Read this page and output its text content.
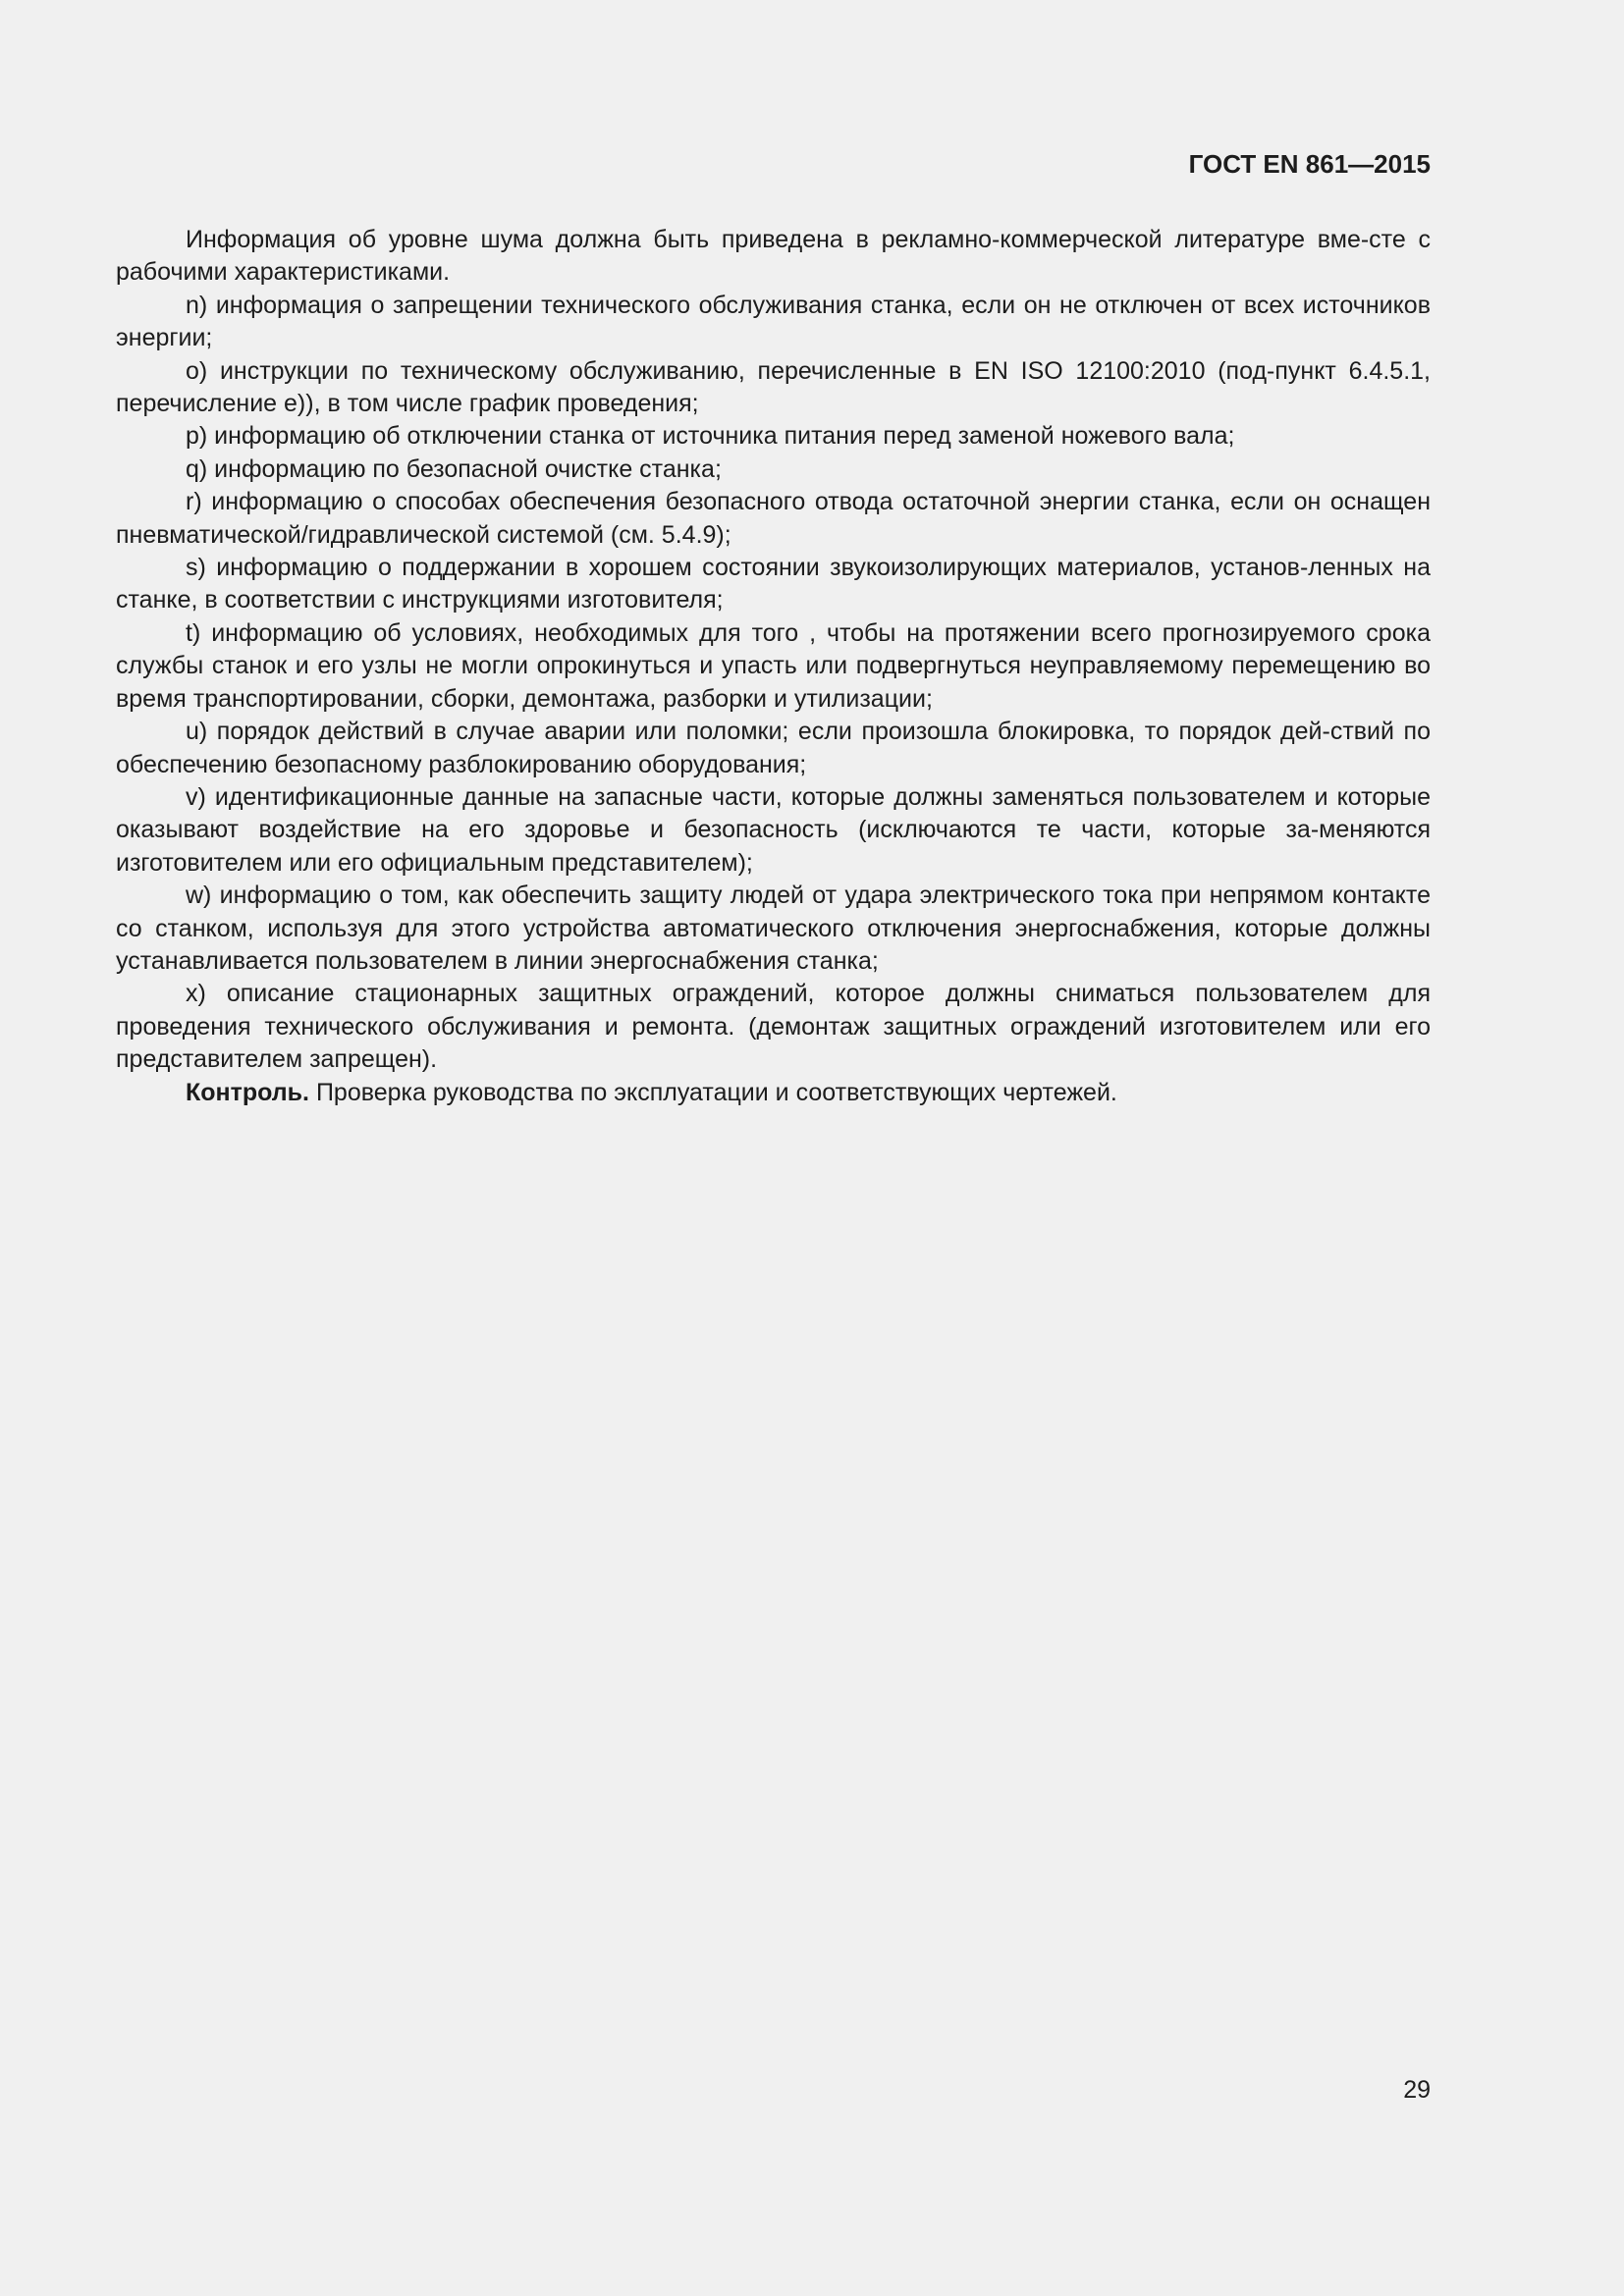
ГОСТ EN 861—2015

Информация об уровне шума должна быть приведена в рекламно-коммерческой литературе вме-сте с рабочими характеристиками.

n) информация о запрещении технического обслуживания станка, если он не отключен от всех источников энергии;

о) инструкции по техническому обслуживанию, перечисленные в EN ISO 12100:2010 (под-пункт 6.4.5.1, перечисление е)), в том числе график проведения;

p) информацию об отключении станка от источника питания перед заменой ножевого вала;

q) информацию по безопасной очистке станка;

r) информацию о способах обеспечения безопасного отвода остаточной энергии станка, если он оснащен пневматической/гидравлической системой (см. 5.4.9);

s) информацию о поддержании в хорошем состоянии звукоизолирующих материалов, установ-ленных на станке, в соответствии с инструкциями изготовителя;

t) информацию об условиях, необходимых для того , чтобы на протяжении всего прогнозируемого срока службы станок и его узлы не могли опрокинуться и упасть или подвергнуться неуправляемому перемещению во время транспортировании, сборки, демонтажа, разборки и утилизации;

u) порядок действий в случае аварии или поломки; если произошла блокировка, то порядок дей-ствий по обеспечению безопасному разблокированию оборудования;

v) идентификационные данные на запасные части, которые должны заменяться пользователем и которые оказывают воздействие на его здоровье и безопасность (исключаются те части, которые за-меняются изготовителем или его официальным представителем);

w) информацию о том, как обеспечить защиту людей от удара электрического тока при непрямом контакте со станком, используя для этого устройства автоматического отключения энергоснабжения, которые должны устанавливается пользователем в линии энергоснабжения станка;

x) описание стационарных защитных ограждений, которое должны сниматься пользователем для проведения технического обслуживания и ремонта. (демонтаж защитных ограждений изготовителем или его представителем запрещен).

Контроль. Проверка руководства по эксплуатации и соответствующих чертежей.

29
